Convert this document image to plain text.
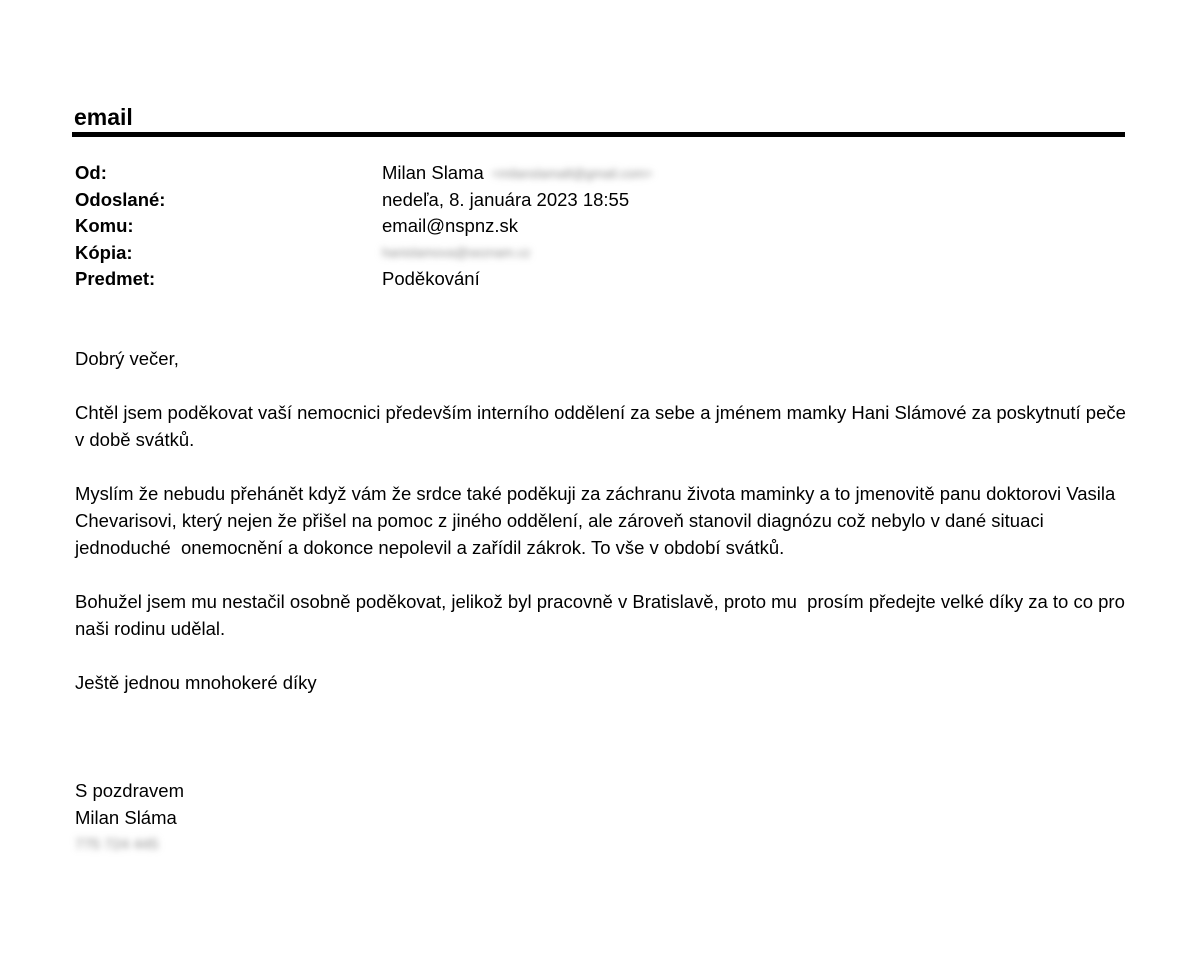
email
Od:	Milan Slama <milanslama8@gmail.com>
Odoslané:	nedeľa, 8. januára 2023 18:55
Komu:	email@nspnz.sk
Kópia:	hanislamova@seznam.cz
Predmet:	Poděkování

Dobrý večer,

Chtěl jsem poděkovat vaší nemocnici především interního oddělení za sebe a jménem mamky Hani Slámové za poskytnutí peče v době svátků.

Myslím že nebudu přehánět když vám že srdce také poděkuji za záchranu života maminky a to jmenovitě panu doktorovi Vasila Chevarisovi, který nejen že přišel na pomoc z jiného oddělení, ale zároveň stanovil diagnózu což nebylo v dané situaci jednoduché  onemocnění a dokonce nepolevil a zařídil zákrok. To vše v období svátků.

Bohužel jsem mu nestačil osobně poděkovat, jelikož byl pracovně v Bratislavě, proto mu  prosím předejte velké díky za to co pro naši rodinu udělal.

Ještě jednou mnohokeré díky

S pozdravem
Milan Sláma
775 724 445
